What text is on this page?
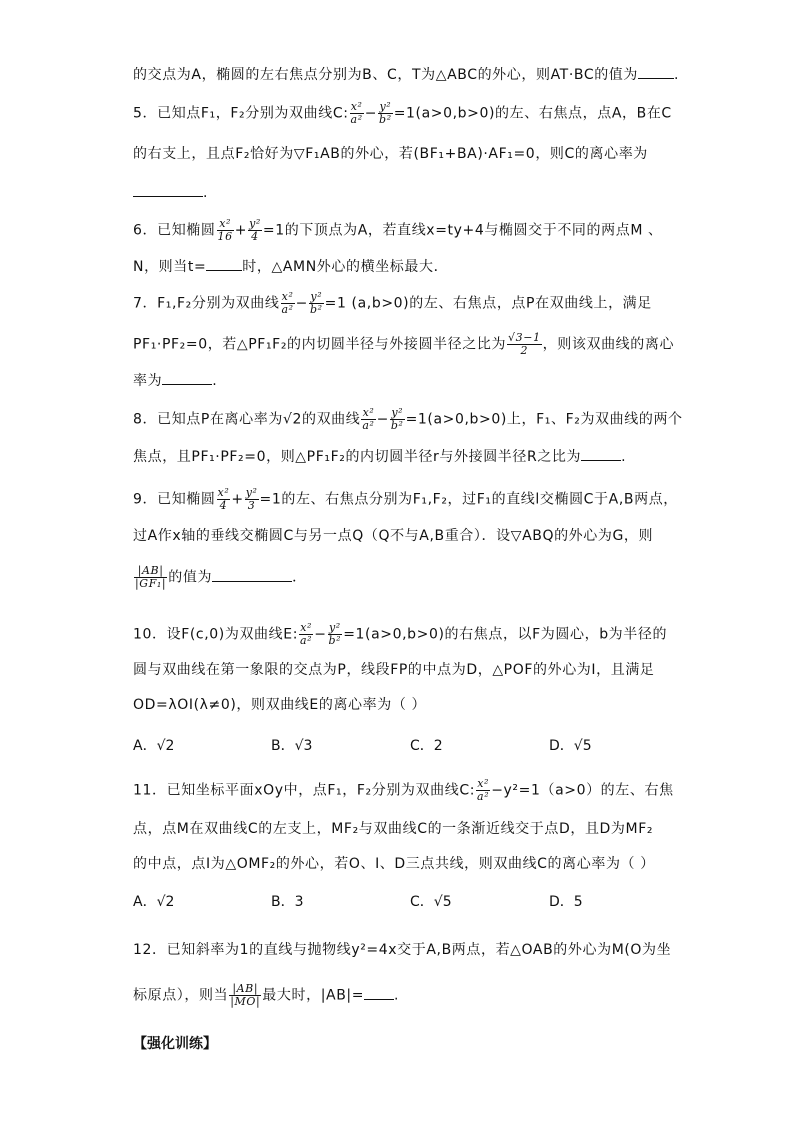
的交点为A，椭圆的左右焦点分别为B、C，T为△ABC的外心，则AT·BC的值为	.
5．已知点F₁，F₂分别为双曲线C: $\frac{\text{x²}}{\text{a²}} - \frac{\text{y²}}{\text{b²}} =1(a>0,b>0)$的左、右焦点，点A，B在C
的右支上，且点F₂恰好为▽F₁AB的外心，若(BF₁+BA)·AF₁=0，则C的离心率为
.
6．已知椭圆 $\frac{\text{x²}}{16} + \frac{\text{y²}}{4} =1$的下顶点为A，若直线x=ty+4与椭圆交于不同的两点M 、
N，则当t=	时，△AMN外心的横坐标最大．
7．F₁,F₂分别为双曲线 $\frac{\text{x²}}{\text{a²}} - \frac{\text{y²}}{\text{b²}} =1$ (a,b>0)的左、右焦点，点P在双曲线上，满足
PF₁·PF₂=0，若△PF₁F₂的内切圆半径与外接圆半径之比为 $\frac{√3-1}{2}$ ，则该双曲线的离心
率为	.
8．已知点P在离心率为√2的双曲线 $\frac{\text{x²}}{\text{a²}} - \frac{\text{y²}}{\text{b²}} =1(a>0,b>0)$上，F₁、F₂为双曲线的两个
焦点，且PF₁·PF₂=0，则△PF₁F₂的内切圆半径r与外接圆半径R之比为	.
9．已知椭圆 $\frac{\text{x²}}{4} + \frac{\text{y²}}{3} =1$的左、右焦点分别为F₁,F₂，过F₁的直线l交椭圆C于A,B两点，
过A作x轴的垂线交椭圆C与另一点Q（Q不与A,B重合）．设▽ABQ的外心为G，则
$\frac{|AB|}{\text{|GF₁|}}$ 的值为	．
10．设F(c,0)为双曲线E: $\frac{\text{x²}}{\text{a²}} - \frac{\text{y²}}{\text{b²}} =1(a>0,b>0)$的右焦点，以F为圆心，b为半径的
圆与双曲线在第一象限的交点为P，线段FP的中点为D，△POF的外心为I，且满足
OD=λOI(λ≠0)，则双曲线E的离心率为（ ）
A．√2	B．√3	C．2	D．√5
11．已知坐标平面xOy中，点F₁，F₂分别为双曲线C: $\frac{\text{x²}}{\text{a²}} -y^2=1(a>0)$的左、右焦
点，点M在双曲线C的左支上，MF₂与双曲线C的一条渐近线交于点D，且D为MF₂
的中点，点I为△OMF₂的外心，若O、I、D三点共线，则双曲线C的离心率为（ ）
A．√2	B．3	C．√5	D．5
12．已知斜率为1的直线与抛物线y²=4x交于A,B两点，若△OAB的外心为M(O为坐
标原点），则当 $\frac{|AB|}{|MO|}$ 最大时，|AB|= .
【强化训练】
